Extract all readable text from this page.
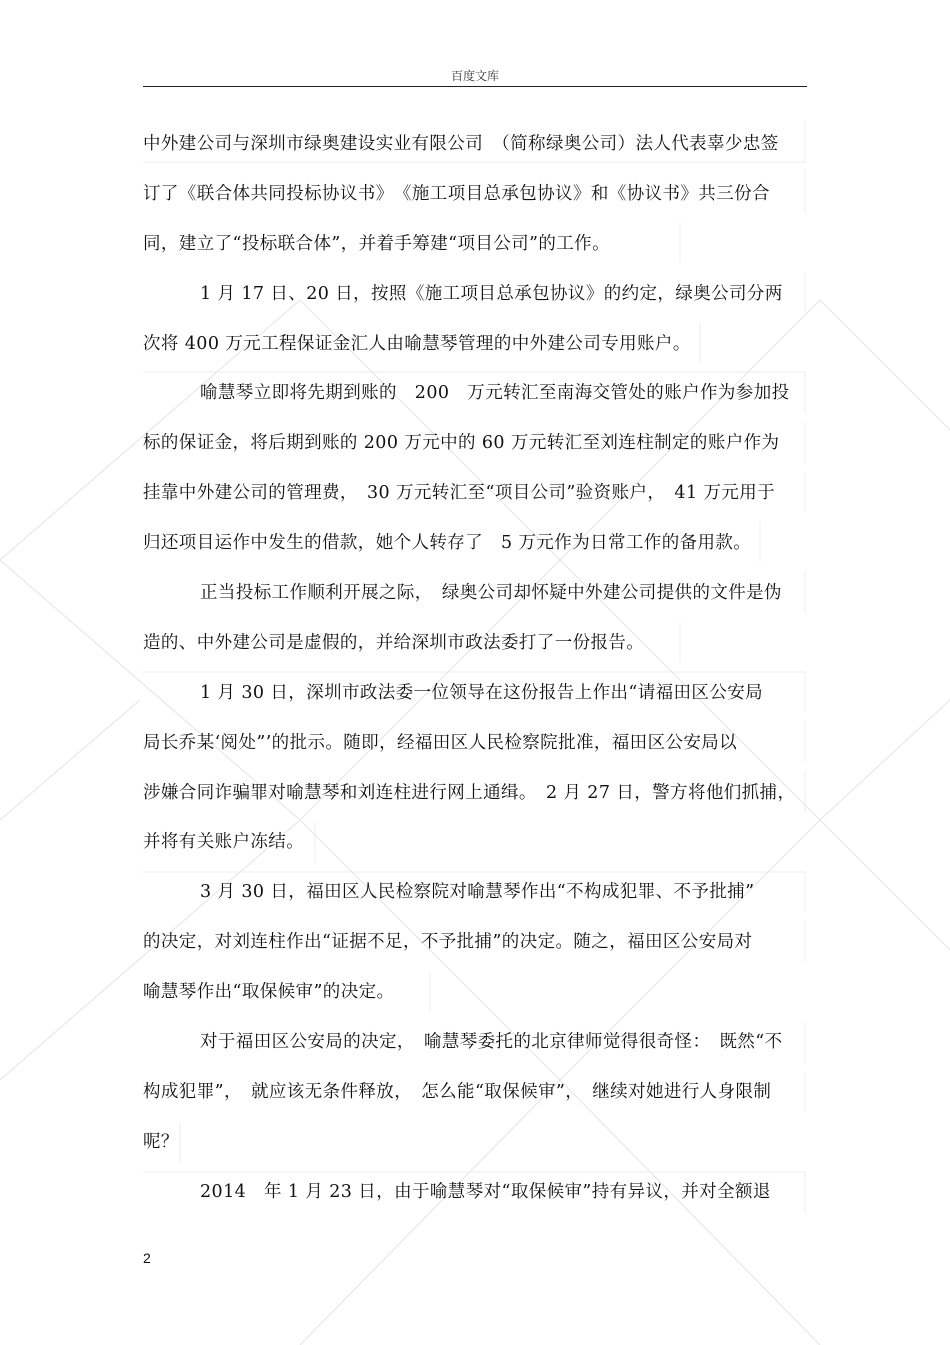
百度文库
中外建公司与深圳市绿奥建设实业有限公司　（简称绿奥公司）法人代表辜少忠签
订了《联合体共同投标协议书》　《施工项目总承包协议》和《协议书》共三份合
同，建立了“投标联合体”，并着手筹建“项目公司”的工作。
1 月 17 日、20 日，按照《施工项目总承包协议》的约定，绿奥公司分两
次将 400 万元工程保证金汇人由喻慧琴管理的中外建公司专用账户。
喻慧琴立即将先期到账的　200　万元转汇至南海交管处的账户作为参加投
标的保证金，将后期到账的 200 万元中的 60 万元转汇至刘连柱制定的账户作为
挂靠中外建公司的管理费，　30 万元转汇至“项目公司”验资账户，　41 万元用于
归还项目运作中发生的借款，她个人转存了　5 万元作为日常工作的备用款。
正当投标工作顺利开展之际，　绿奥公司却怀疑中外建公司提供的文件是伪
造的、中外建公司是虚假的，并给深圳市政法委打了一份报告。
1 月 30 日，深圳市政法委一位领导在这份报告上作出“请福田区公安局
局长乔某‘阅处”’的批示。随即，经福田区人民检察院批准，福田区公安局以
涉嫌合同诈骗罪对喻慧琴和刘连柱进行网上通缉。　2 月 27 日，警方将他们抓捕，
并将有关账户冻结。
3 月 30 日，福田区人民检察院对喻慧琴作出“不构成犯罪、不予批捕”
的决定，对刘连柱作出“证据不足，不予批捕”的决定。随之，福田区公安局对
喻慧琴作出“取保候审”的决定。
对于福田区公安局的决定，　喻慧琴委托的北京律师觉得很奇怪：　既然“不
构成犯罪”，　就应该无条件释放，　怎么能“取保候审”，　继续对她进行人身限制
呢？
2014　年 1 月 23 日，由于喻慧琴对“取保候审”持有异议，并对全额退
2
